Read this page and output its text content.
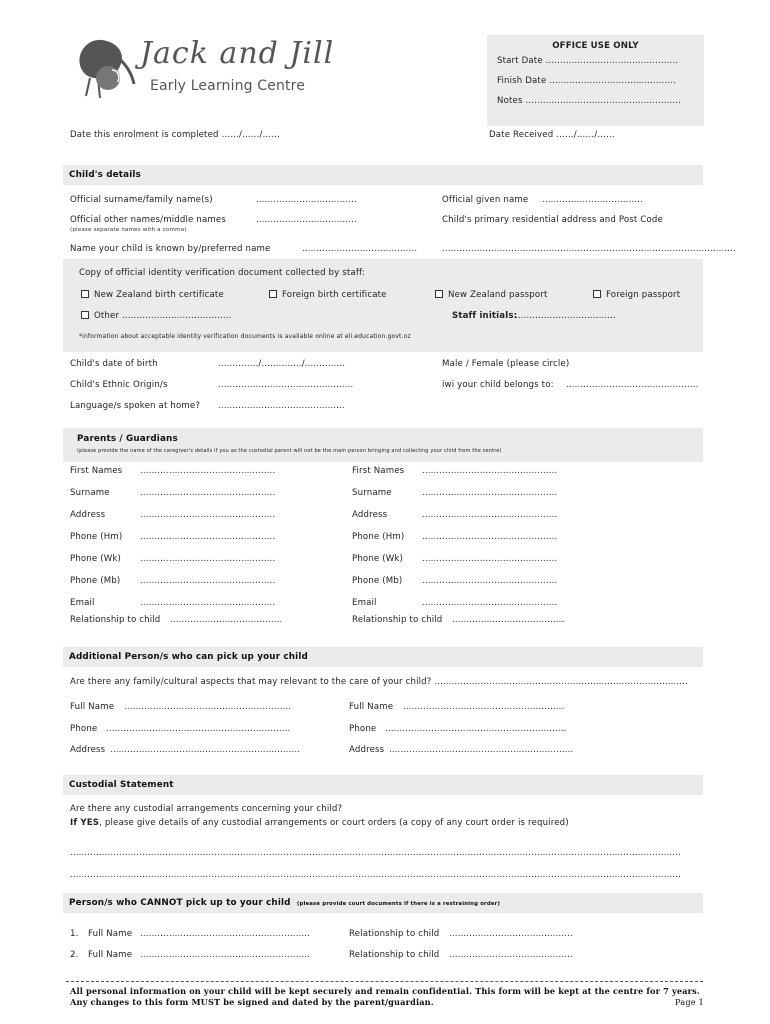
Jack and Jill
Early Learning Centre
OFFICE USE ONLY
Start Date ..............................................
Finish Date ............................................
Notes ......................................................
Date this enrolment is completed ……/……/……	Date Received ……/……/……
Child's details
Official surname/family name(s)	...................................	Official given name ...................................
Official other names/middle names	...................................
(please separate names with a comma)
Child's primary residential address and Post Code
Name your child is known by/preferred name	........................................	......................................................................................................
Copy of official identity verification document collected by staff:
New Zealand birth certificate	Foreign birth certificate	New Zealand passport	Foreign passport
Other ......................................	Staff initials:
...................................
*information about acceptable identity verification documents is available online at eli.education.govt.nz
Child's date of birth	............../............../..............	Male / Female (please circle)
Child's Ethnic Origin/s	...............................................	iwi your child belongs to: ..............................................
Language/s spoken at home? ............................................
Parents / Guardians
(please provide the name of the caregiver's details if you as the custodial parent will not be the main person bringing and collecting your child from the centre)
First Names ...............................................	First Names ...............................................
Surname	...............................................	Surname	...............................................
Address	...............................................	Address	...............................................
Phone (Hm) ...............................................	Phone (Hm) ...............................................
Phone (Wk) ...............................................	Phone (Wk) ...............................................
Phone (Mb) ...............................................	Phone (Mb) ...............................................
Email	...............................................	Email	...............................................
Relationship to child .......................................	Relationship to child .......................................
Additional Person/s who can pick up your child
Are there any family/cultural aspects that may relevant to the care of your child? ........................................................................................
Full Name ..........................................................	Full Name ........................................................
Phone ................................................................	Phone ...............................................................
Address ..................................................................	Address ................................................................
Custodial Statement
Are there any custodial arrangements concerning your child?
If YES, please give details of any custodial arrangements or court orders (a copy of any court order is required)
....................................................................................................................................................................................................................
....................................................................................................................................................................................................................
Person/s who CANNOT pick up to your child (please provide court documents if there is a restraining order)
1. Full Name ...........................................................	Relationship to child ...........................................
2. Full Name ...........................................................	Relationship to child ...........................................
All personal information on your child will be kept securely and remain confidential. This form will be kept at the centre for 7 years.
Any changes to this form MUST be signed and dated by the parent/guardian.	Page 1
